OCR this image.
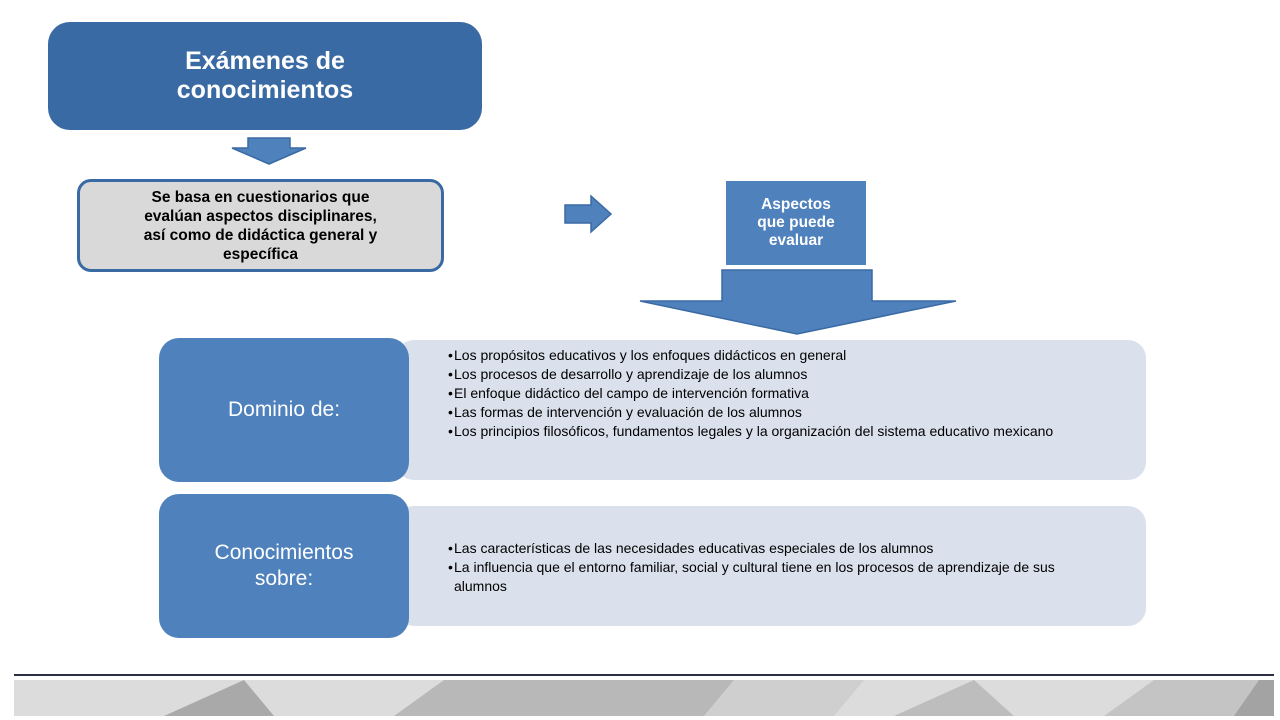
Exámenes de
conocimientos
Se basa en cuestionarios que
evalúan aspectos disciplinares,
así como de didáctica general y
específica
Aspectos
que puede
evaluar
• Los propósitos educativos y los enfoques didácticos en general
• Los procesos de desarrollo y aprendizaje de los alumnos
• El enfoque didáctico del campo de intervención formativa
• Las formas de intervención y evaluación de los alumnos
• Los principios filosóficos, fundamentos legales y la organización del sistema educativo mexicano
Dominio de:
• Las características de las necesidades educativas especiales de los alumnos
• La influencia que el entorno familiar, social y cultural tiene en los procesos de aprendizaje de sus alumnos
Conocimientos
sobre:
